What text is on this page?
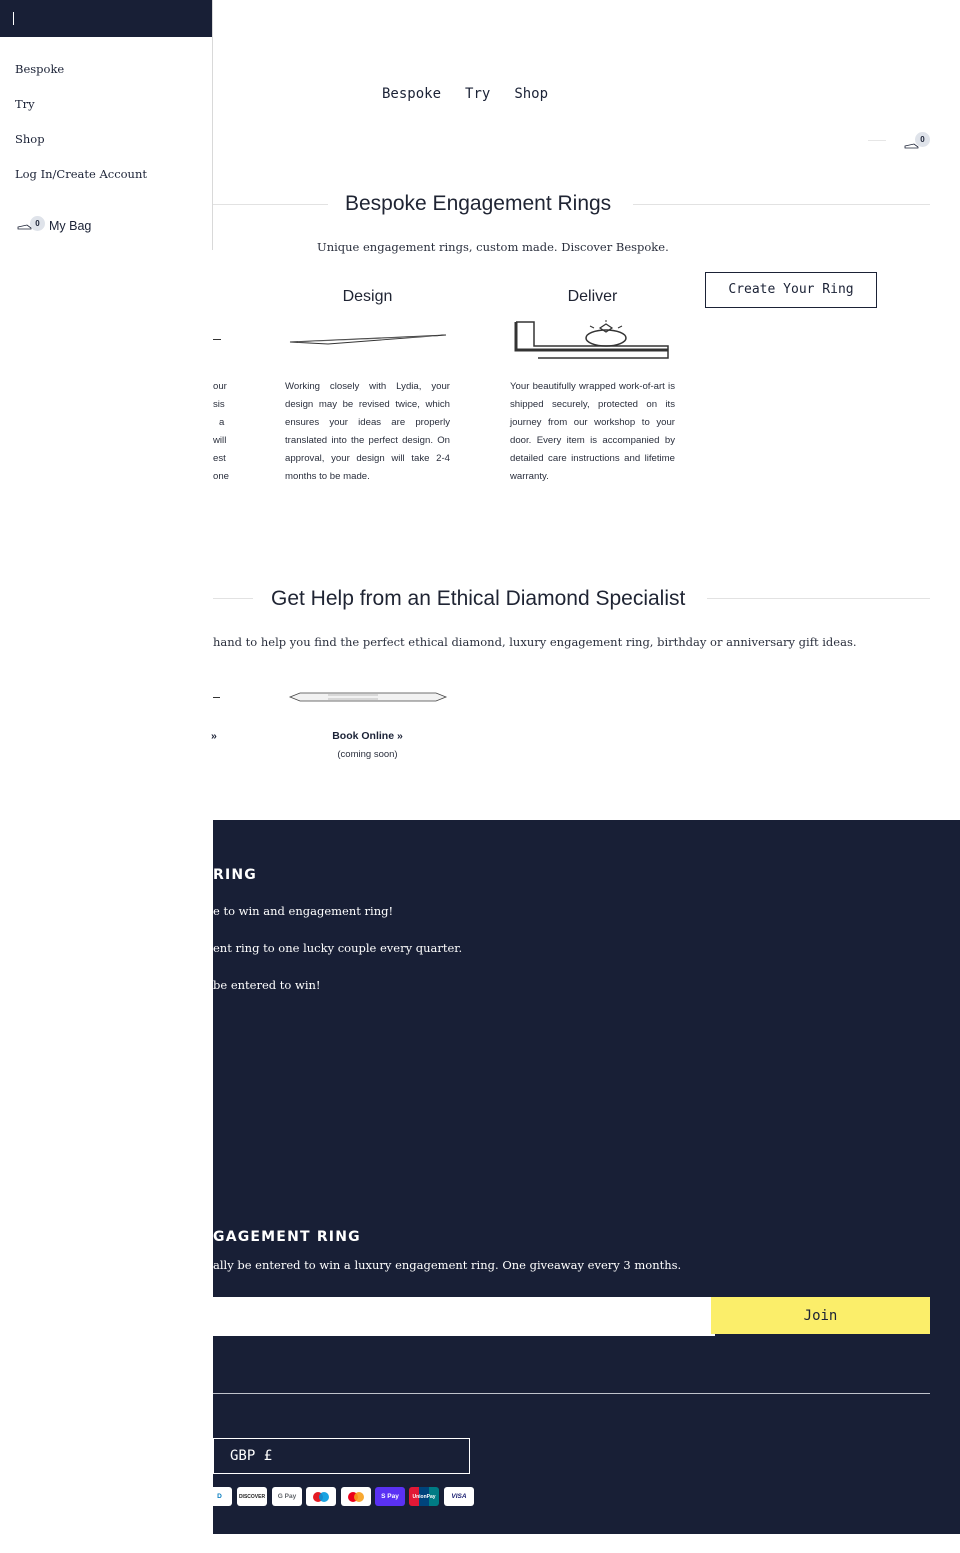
Bespoke Try Shop
0
Bespoke Engagement Rings
Unique engagement rings, custom made. Discover Bespoke.
our
sis
a
will
est
one
Design
Working closely with Lydia, your design may be revised twice, which ensures your ideas are properly translated into the perfect design. On approval, your design will take 2-4 months to be made.
Deliver
Your beautifully wrapped work-of-art is shipped securely, protected on its journey from our workshop to your door. Every item is accompanied by detailed care instructions and lifetime warranty.
Create Your Ring
Get Help from an Ethical Diamond Specialist
hand to help you find the perfect ethical diamond, luxury engagement ring, birthday or anniversary gift ideas.
»	Book Online »
(coming soon)
RING
e to win and engagement ring!
ent ring to one lucky couple every quarter.
be entered to win!
GAGEMENT RING
ally be entered to win a luxury engagement ring. One giveaway every 3 months.
Join
GBP £
D	DISCOVER G Pay	S Pay	UnionPay VISA
Bespoke
Try
Shop
Log In/Create Account
0 My Bag
